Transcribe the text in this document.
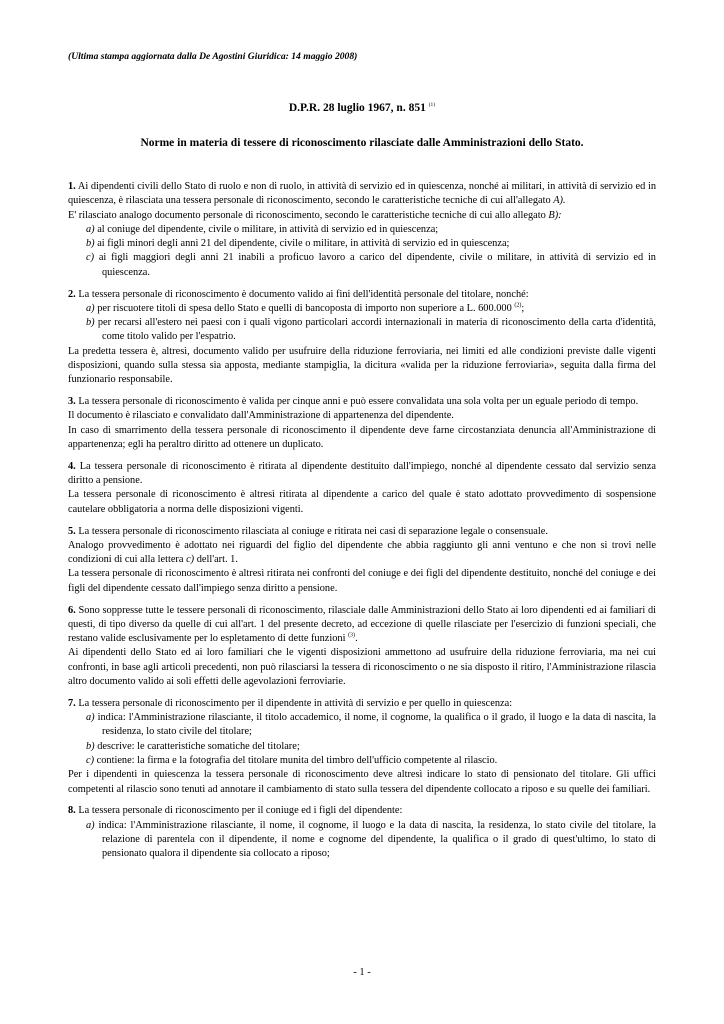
(Ultima stampa aggiornata dalla De Agostini Giuridica: 14 maggio 2008)
D.P.R. 28 luglio 1967, n. 851 $^{(1)}$
Norme in materia di tessere di riconoscimento rilasciate dalle Amministrazioni dello Stato.

1. Ai dipendenti civili dello Stato di ruolo e non di ruolo, in attività di servizio ed in quiescenza, nonché ai militari, in attività di servizio ed in quiescenza, è rilasciata una tessera personale di riconoscimento, secondo le caratteristiche tecniche di cui all'allegato A).

E' rilasciato analogo documento personale di riconoscimento, secondo le caratteristiche tecniche di cui allo allegato B):

a) al coniuge del dipendente, civile o militare, in attività di servizio ed in quiescenza;

b) ai figli minori degli anni 21 del dipendente, civile o militare, in attività di servizio ed in quiescenza;

c) ai figli maggiori degli anni 21 inabili a proficuo lavoro a carico del dipendente, civile o militare, in attività di servizio ed in quiescenza.

2. La tessera personale di riconoscimento è documento valido ai fini dell'identità personale del titolare, nonché:

a) per riscuotere titoli di spesa dello Stato e quelli di bancoposta di importo non superiore a L. 600.000 $^{(2)}$;

b) per recarsi all'estero nei paesi con i quali vigono particolari accordi internazionali in materia di riconoscimento della carta d'identità, come titolo valido per l'espatrio.

La predetta tessera è, altresì, documento valido per usufruire della riduzione ferroviaria, nei limiti ed alle condizioni previste dalle vigenti disposizioni, quando sulla stessa sia apposta, mediante stampiglia, la dicitura «valida per la riduzione ferroviaria», seguita dalla firma del funzionario responsabile.

3. La tessera personale di riconoscimento è valida per cinque anni e può essere convalidata una sola volta per un eguale periodo di tempo.

Il documento è rilasciato e convalidato dall'Amministrazione di appartenenza del dipendente.

In caso di smarrimento della tessera personale di riconoscimento il dipendente deve farne circostanziata denuncia all'Amministrazione di appartenenza; egli ha peraltro diritto ad ottenere un duplicato.

4. La tessera personale di riconoscimento è ritirata al dipendente destituito dall'impiego, nonché al dipendente cessato dal servizio senza diritto a pensione.

La tessera personale di riconoscimento è altresì ritirata al dipendente a carico del quale è stato adottato provvedimento di sospensione cautelare obbligatoria a norma delle disposizioni vigenti.

5. La tessera personale di riconoscimento rilasciata al coniuge e ritirata nei casi di separazione legale o consensuale.

Analogo provvedimento è adottato nei riguardi del figlio del dipendente che abbia raggiunto gli anni ventuno e che non si trovi nelle condizioni di cui alla lettera c) dell'art. 1.

La tessera personale di riconoscimento è altresì ritirata nei confronti del coniuge e dei figli del dipendente destituito, nonché del coniuge e dei figli del dipendente cessato dall'impiego senza diritto a pensione.

6. Sono soppresse tutte le tessere personali di riconoscimento, rilasciale dalle Amministrazioni dello Stato ai loro dipendenti ed ai familiari di questi, di tipo diverso da quelle di cui all'art. 1 del presente decreto, ad eccezione di quelle rilasciate per l'esercizio di funzioni speciali, che restano valide esclusivamente per lo espletamento di dette funzioni $^{(3)}$.

Ai dipendenti dello Stato ed ai loro familiari che le vigenti disposizioni ammettono ad usufruire della riduzione ferroviaria, ma nei cui confronti, in base agli articoli precedenti, non può rilasciarsi la tessera di riconoscimento o ne sia disposto il ritiro, l'Amministrazione rilascia altro documento valido ai soli effetti delle agevolazioni ferroviarie.

7. La tessera personale di riconoscimento per il dipendente in attività di servizio e per quello in quiescenza:

a) indica: l'Amministrazione rilasciante, il titolo accademico, il nome, il cognome, la qualifica o il grado, il luogo e la data di nascita, la residenza, lo stato civile del titolare;

b) descrive: le caratteristiche somatiche del titolare;

c) contiene: la firma e la fotografia del titolare munita del timbro dell'ufficio competente al rilascio.

Per i dipendenti in quiescenza la tessera personale di riconoscimento deve altresì indicare lo stato di pensionato del titolare. Gli uffici competenti al rilascio sono tenuti ad annotare il cambiamento di stato sulla tessera del dipendente collocato a riposo e su quelle dei familiari.

8. La tessera personale di riconoscimento per il coniuge ed i figli del dipendente:

a) indica: l'Amministrazione rilasciante, il nome, il cognome, il luogo e la data di nascita, la residenza, lo stato civile del titolare, la relazione di parentela con il dipendente, il nome e cognome del dipendente, la qualifica o il grado di quest'ultimo, lo stato di pensionato qualora il dipendente sia collocato a riposo;

- 1 -
